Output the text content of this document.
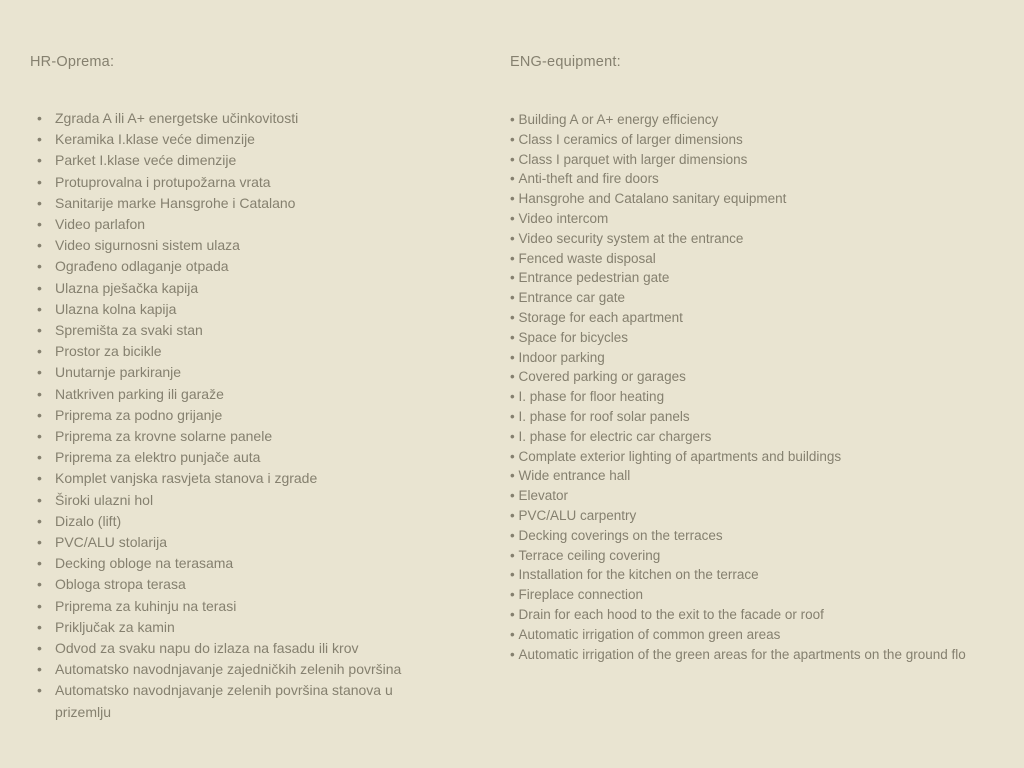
HR-Oprema:
• Zgrada A ili A+ energetske učinkovitosti
• Keramika I.klase veće dimenzije
• Parket I.klase veće dimenzije
• Protuprovalna i protupožarna vrata
• Sanitarije marke Hansgrohe i Catalano
• Video parlafon
• Video sigurnosni sistem ulaza
• Ograđeno odlaganje otpada
• Ulazna pješačka kapija
• Ulazna kolna kapija
• Spremišta za svaki stan
• Prostor za bicikle
• Unutarnje parkiranje
• Natkriven parking ili garaže
• Priprema za podno grijanje
• Priprema za krovne solarne panele
• Priprema za elektro punjače auta
• Komplet vanjska rasvjeta stanova i zgrade
• Široki ulazni hol
• Dizalo (lift)
• PVC/ALU stolarija
• Decking obloge na terasama
• Obloga stropa terasa
• Priprema za kuhinju na terasi
• Priključak za kamin
• Odvod za svaku napu do izlaza na fasadu ili krov
• Automatsko navodnjavanje zajedničkih zelenih površina
• Automatsko navodnjavanje zelenih površina stanova u prizemlju
ENG-equipment:
• Building A or A+ energy efficiency
• Class I ceramics of larger dimensions
• Class I parquet with larger dimensions
• Anti-theft and fire doors
• Hansgrohe and Catalano sanitary equipment
• Video intercom
• Video security system at the entrance
• Fenced waste disposal
• Entrance pedestrian gate
• Entrance car gate
• Storage for each apartment
• Space for bicycles
• Indoor parking
• Covered parking or garages
• I. phase for floor heating
• I. phase for roof solar panels
• I. phase for electric car chargers
• Complate exterior lighting of apartments and buildings
• Wide entrance hall
• Elevator
• PVC/ALU carpentry
• Decking coverings on the terraces
• Terrace ceiling covering
• Installation for the kitchen on the terrace
• Fireplace connection
• Drain for each hood to the exit to the facade or roof
• Automatic irrigation of common green areas
• Automatic irrigation of the green areas for the apartments on the ground flo
